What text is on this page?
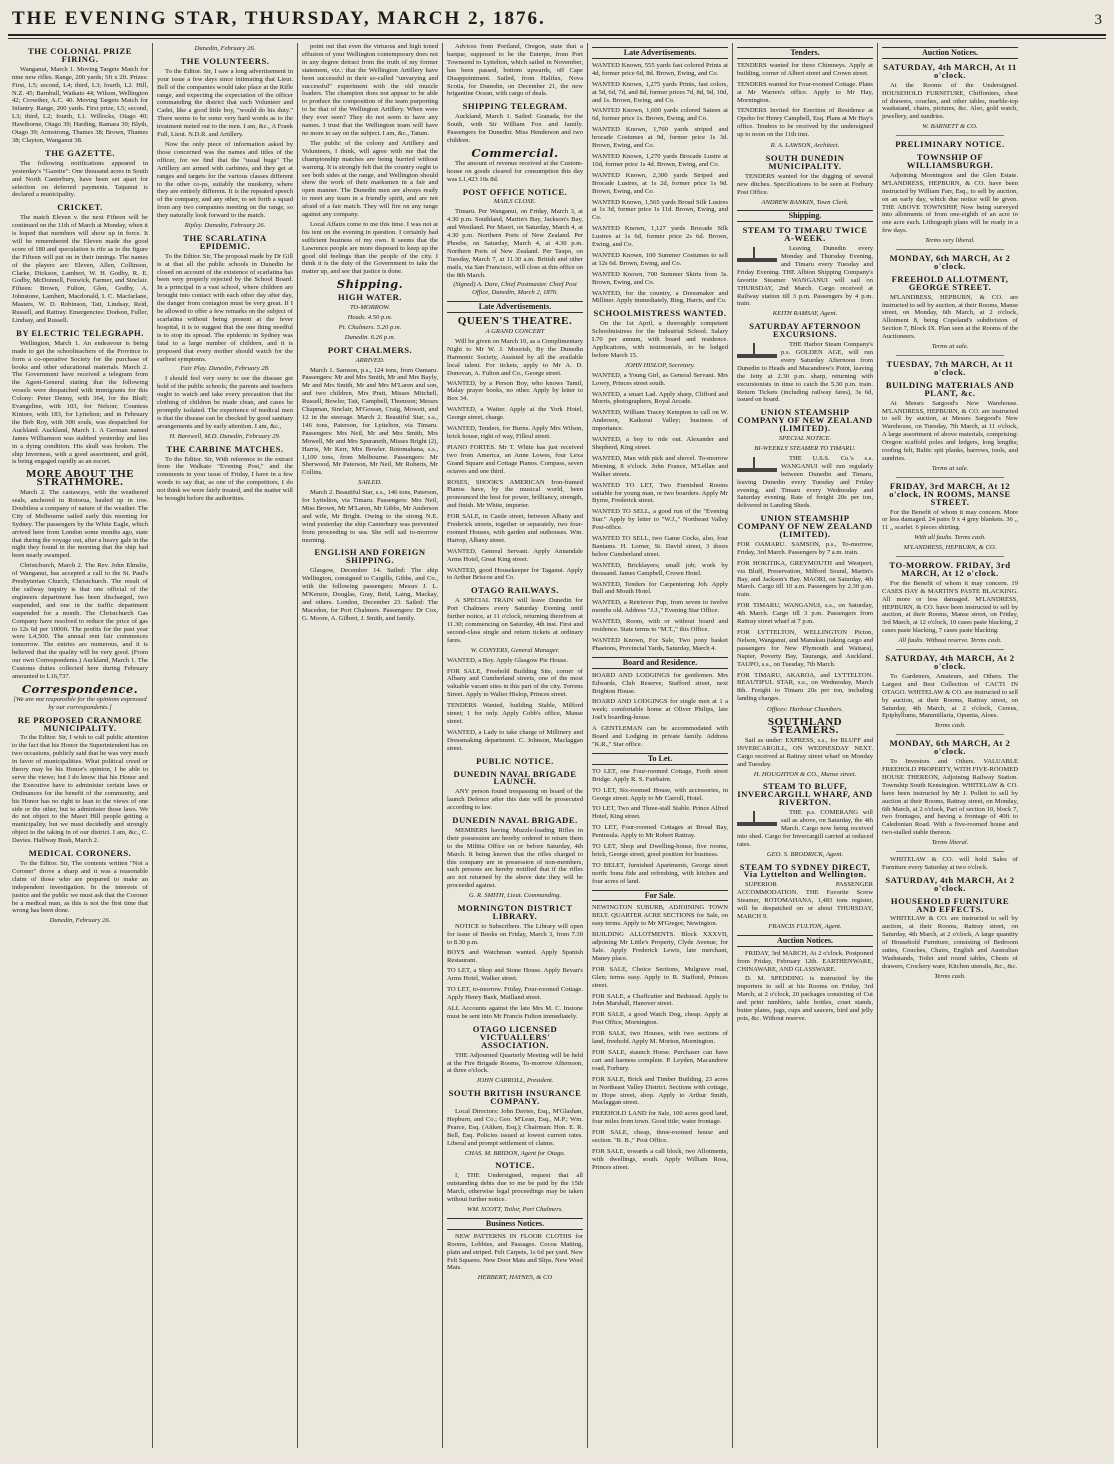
THE EVENING STAR, THURSDAY, MARCH 2, 1876.	3
THE COLONIAL PRIZE FIRING.

Wanganui, March 1. Moving Targets Match for nine new rifles. Range, 200 yards; 5ft x 2ft. Prizes: First, L5; second, L4; third, L3; fourth, L2. Hill, N.Z. 45; Barnbull, Waikato 44; Wilson, Wellington 42; Crowther, A.C. 40. Moving Targets Match for Infantry. Range, 200 yards. First prize, L5; second, L3; third, L2; fourth, L1. Willocks, Otago 40; Hawthorne, Otago 39; Harding, Ramara 39; Blyth, Otago 39; Armstrong, Thames 38; Brown, Thames 38; Clayton, Wanganui 38.

THE GAZETTE.

The following notifications appeared in yesterday's "Gazette": One thousand acres in South and North Canterbury, have been set apart for selection on deferred payments. Taipanui is declared a municipality.

CRICKET.

The match Eleven v. the next Fifteen will be continued on the 11th of March at Monday, when it is hoped that members will show up in force. It will be remembered the Eleven made the good score of 180 and speculation is rife as to the figure the Fifteen will put on in their innings. The names of the players are: Eleven, Allen, Collinson, Clarke, Dickson, Lambert, W. H. Godby, R. E. Godby, McDonnell, Fenwick, Farmer, and Sinclair. Fifteen: Brown, Fulton, Glen, Godby, A. Johnstone, Lambert, Macdonald, I. C. Macfarlane, Masters, W. D. Robinson, Tait, Lindsay, Reid, Russell, and Rattray. Emergencies: Dodson, Fuller, Lindsay, and Russell.

BY ELECTRIC TELEGRAPH.

Wellington, March 1. An endeavour is being made to get the schoolteachers of the Province to form a co-operative Society for the purchase of books and other educational materials. March 2. The Government have received a telegram from the Agent-General stating that the following vessels were despatched with immigrants for this Colony: Peter Denny, with 364, for the Bluff; Evangeline, with 103, for Nelson; Countess Kintore, with 183, for Lyttelton; and in February the Bob Roy, with 300 souls, was despatched for Auckland. Auckland, March 1. A German named James Williamson was stabbed yesterday and lies in a dying condition. His skull was broken. The ship Inverness, with a good assortment, and gold, is being engaged rapidly as an escort.

MORE ABOUT THE STRATHMORE.

March 2. The castaways, with the weathered seals, anchored in Rotorua, hauled up in tow. Doubtless a company of nature of the weather. The City of Melbourne sailed early this morning for Sydney. The passengers by the White Eagle, which arrived here from London some months ago, state that during the voyage out, after a heavy gale in the night they found in the morning that the ship had been nearly swamped.

Christchurch, March 2. The Rev. John Elmslie, of Wanganui, has accepted a call to the St. Paul's Presbyterian Church, Christchurch. The result of the railway inquiry is that one official of the engineers department has been discharged, two suspended, and one in the traffic department suspended for a month. The Christchurch Gas Company have resolved to reduce the price of gas to 12s 6d per 1000ft. The profits for the past year were L4,500. The annual rent fair commences tomorrow. The entries are numerous, and it is believed that the quality will be very good. (From our own Correspondents.) Auckland, March 1. The Customs duties collected here during February amounted to L16,737.

Correspondence.

[We are not responsible for the opinions expressed by our correspondents.]

RE PROPOSED CRANMORE MUNICIPALITY.

To the Editor. Sir, I wish to call public attention to the fact that his Honor the Superintendent has on two occasions, publicly said that he was very much in favor of municipalities. What political creed or theory may be his Honor's opinion, I be able to serve the views; but I do know that his Honor and the Executive have to administer certain laws or Ordinances for the benefit of the community, and his Honor has no right to lean to the views of one side or the other, but to administer those laws. We do not object to the Maori Hill people getting a municipality, but we must decidedly and strongly object to the taking in of our district. I am, &c., C. Davies. Halfway Bush, March 2.

MEDICAL CORONERS.

To the Editor. Sir, The contents written "Not a Coroner" drove a sharp and it was a reasonable claim of those who are prepared to make an independent investigation. In the interests of justice and the public we must ask that the Coroner be a medical man, as this is not the first time that wrong has been done.

Dunedin, February 26.

Dunedin, February 26.

THE VOLUNTEERS.

To the Editor. Sir, I saw a long advertisement in your issue a few days since intimating that Lieut. Bell of the companies would take place at the Rifle range, and expecting the expectation of the officer commanding the district that each Volunteer and Cadet, like a good little boy, "would do his duty." There seems to be some very hard words as to the treatment meted out to the men. I am, &c., A Frank Full, Lieut. N.D.R. and Artillery.

Now the only piece of information asked by those concerned was the names and titles of the officer, for we find that the "usual bugs" The Artillery are armed with carbines, and they get at ranges and targets for the various classes different to the other co-ps, suitably the musketry, where they are entirely different. It is the repeated speech of the company, and any other, to set forth a squad from any two companies meeting on the range, so they naturally look forward to the match.

Ripley. Dunedin, February 26.

THE SCARLATINA EPIDEMIC.

To the Editor. Sir, The proposal made by Dr Gill is at that all the public schools in Dunedin be closed on account of the existence of scarlatina has been very properly rejected by the School Board. In a principal in a vast school, where children are brought into contact with each other day after day, the danger from contagion must be very great. If I be allowed to offer a few remarks on the subject of scarlatina without being present at the fever hospital, it is to suggest that the one thing needful is to stop its spread. The epidemic in Sydney was fatal to a large number of children, and it is proposed that every mother should watch for the earliest symptoms.

Fair Play. Dunedin, February 28.

I should feel very sorry to see the disease get hold of the public schools; the parents and teachers ought to watch and take every precaution that the clothing of children be made clean, and cases be promptly isolated. The experience of medical men is that the disease can be checked by good sanitary arrangements and by early attention. I am, &c.,

H. Barewell, M.D. Dunedin, February 29.

THE CARBINE MATCHES.

To the Editor. Sir, With reference to the extract from the Walkato "Evening Post," and the comments in your issue of Friday, I have in a few words to say that, as one of the competitors, I do not think we were fairly treated, and the matter will be brought before the authorities.

point out that even the virtuous and high toned effusion of your Wellington contemporary does not in any degree detract from the truth of my former statement, viz.: that the Wellington Artillery have been successful in their so-called "unvarying and successful" experiment with the old muzzle loaders. The champion does not appear to be able to produce the composition of the team purporting to be that of the Wellington Artillery. When were they ever seen? They do not seem to have any names. I trust that the Wellington team will have no more to say on the subject. I am, &c., Tatum.

The public of the colony and Artillery and Volunteers, I think, will agree with me that the championship matches are being hurried without warning. It is strongly felt that the country ought to see both sides at the range, and Wellington should show the work of their marksmen in a fair and open manner. The Dunedin men are always ready to meet any team in a friendly spirit, and are not afraid of a fair match. They will fire on any range against any company.

Local Affairs come to me this time. I was not at his tent on the evening in question. I certainly had sufficient business of my own. It seems that the Lawrence people are more disposed to keep up the good old feelings than the people of the city. I think it is the duty of the Government to take the matter up, and see that justice is done.

Shipping.
HIGH WATER.

TO-MORROW.

Heads. 4.50 p.m.

Pt. Chalmers. 5.20 p.m.

Dunedin. 6.26 p.m.

PORT CHALMERS.

ARRIVED.

March 1. Samson, p.s., 124 tons, from Oamaru. Passengers: Mr and Mrs Smith, Mr and Mrs Bayly, Mr and Mrs Smith, Mr and Mrs M'Laren and son, and two children, Mrs Pratt, Misses Mitchell, Russell, Bowler, Tait, Campbell, Thomson; Messrs Chapman, Sinclair, M'Gowan, Craig, Mowett, and 12 in the steerage. March 2. Beautiful Star, s.s., 146 tons, Paterson, for Lyttelton, via Timaru. Passengers: Mrs Neil, Mr and Mrs Smith, Mrs Mowell, Mr and Mrs Spuraneth, Misses Bright (2), Harris, Mr Kerr, Mrs Bowler. Rotomahana, s.s., 1,100 tons, from Melbourne. Passengers: Mr Sherwood, Mr Paterson, Mr Neil, Mr Roberts, Mr Collins.

SAILED.

March 2. Beautiful Star, s.s., 146 tons, Paterson, for Lyttelton, via Timaru. Passengers: Mrs Neil, Miss Brown, Mr M'Laren, Mr Gibbs, Mr Anderson and wife, Mr Bright. Owing to the strong N.E. wind yesterday the ship Canterbury was prevented from proceeding to sea. She will sail to-morrow morning.

ENGLISH AND FOREIGN SHIPPING.

Glasgow, December 14. Sailed: The ship Wellington, consigned to Cargills, Gibbs, and Co., with the following passengers: Messrs J. L. M'Kenzie, Douglas, Gray, Reid, Laing, Mackay, and others. London, December 23. Sailed: The Macedon, for Port Chalmers. Passengers: Dr Cox, G. Moore, A. Gilbert, J. Smith, and family.

Advices from Portland, Oregon, state that a barque, supposed to be the Euterpe, from Port Townsend to Lyttelton, which sailed in November, has been passed, bottom upwards, off Cape Disappointment. Sailed, from Halifax, Nova Scotia, for Dunedin, on December 21, the new brigantine Ocean, with cargo of deals.

SHIPPING TELEGRAM.

Auckland, March 1. Sailed: Granada, for the South, with Sir William Fox and family. Passengers for Dunedin: Miss Henderson and two children.

Commercial.

The amount of revenue received at the Custom-house on goods cleared for consumption this day was L1,423 10s 8d.

POST OFFICE NOTICE.

MAILS CLOSE.

Timaru. Per Wanganui, on Friday, March 3, at 4.30 p.m. Southland, Martin's Bay, Jackson's Bay, and Westland. Per Maori, on Saturday, March 4, at 4.30 p.m. Northern Ports of New Zealand. Per Phoebe, on Saturday, March 4, at 4.30 p.m. Northern Ports of New Zealand. Per Taupo, on Tuesday, March 7, at 11.30 a.m. British and other mails, via San Francisco, will close at this office on the 8th March.

(Signed) A. Dare, Chief Postmaster. Chief Post Office, Dunedin, March 2, 1876.

Late Advertisements.
QUEEN'S THEATRE.

A GRAND CONCERT

Will be given on March 10, as a Complimentary Night to Mr W. J. Moorish, By the Dunedin Harmonic Society, Assisted by all the available local talent. For tickets, apply to Mr A. D. Donovan, A. Fulton and Co., George street.

WANTED, by a Person Boy, who knows Tamil, Malay prayer books, no other. Apply by letter to Box 34.
WANTED, a Waiter. Apply at the York Hotel, George street, charge.
WANTED, Tenders, for Burns. Apply Mrs Wilson, brick house, right of way, Filleul street.
PIANO FORTES. Mr T. White has just received two from America, an Anne Lowes, four Lexa Grand Square and Cottage Pianos. Compass, seven octaves and one third.
ROSES, SHOOK'S AMERICAN Iron-framed Pianos have, by the musical world, been pronounced the best for power, brilliancy, strength, and finish. Mr White, importer.
FOR SALE, in Castle street, between Albany and Frederick streets, together or separately, two four-roomed Houses, with garden and outhouses. Wm. Harrop, Albany street.
WANTED, General Servant. Apply Annandale Arms Hotel, Great King street.
WANTED, good Housekeeper for Taganui. Apply to Arthur Briscoe and Co.
OTAGO RAILWAYS.

A SPECIAL TRAIN will leave Dunedin for Port Chalmers every Saturday Evening until further notice, at 11 o'clock, returning therefrom at 11.30; commencing on Saturday, 4th inst. First and second-class single and return tickets at ordinary fares.

W. CONYERS, General Manager.

WANTED, a Boy. Apply Glasgow Pie House.
FOR SALE, Freehold Building Site, corner of Albany and Cumberland streets, one of the most valuable vacant sites in this part of the city. Torrens Street. Apply to Walter Hislop, Princes street.
TENDERS Wanted, building Stable, Milford street; 1 for only. Apply Cobb's office, Manse street.
WANTED, a Lady to take charge of Millinery and Dressmaking department. C. Johnson, Maclaggan street.
PUBLIC NOTICE.
DUNEDIN NAVAL BRIGADE LAUNCH.

ANY person found trespassing on board of the launch Defence after this date will be prosecuted according to law.

DUNEDIN NAVAL BRIGADE.

MEMBERS having Muzzle-loading Rifles in their possession are hereby ordered to return them to the Militia Office on or before Saturday, 4th March. It being known that the rifles charged to this company are in possession of non-members, such persons are hereby notified that if the rifles are not returned by the above date they will be proceeded against.

G. R. SMITH, Lieut. Commanding.

MORNINGTON DISTRICT LIBRARY.

NOTICE to Subscribers. The Library will open for issue of Books on Friday, March 3, from 7.30 to 8.30 p.m.

BOYS and Watchman wanted. Apply Spanish Restaurant.
TO LET, a Shop and Stone House. Apply Bevan's Arms Hotel, Walker street.
TO LET, to-morrow. Friday, Four-roomed Cottage. Apply Henry Baek, Mailland street.
ALL Accounts against the late Mrs M. C. Instone must be sent into Mr Francis Fulton immediately.
OTAGO LICENSED VICTUALLERS' ASSOCIATION.

THE Adjourned Quarterly Meeting will be held at the Fire Brigade Rooms, To-morrow Afternoon, at three o'clock.

JOHN CARROLL, President.

SOUTH BRITISH INSURANCE COMPANY.

Local Directors: John Davies, Esq., M'Glashan, Hepburn, and Co.; Geo. M'Lean, Esq., M.P.; Wm. Pearce, Esq. (Aitken, Esq.); Chairman: Hon. E. R. Bell, Esq. Policies issued at lowest current rates. Liberal and prompt settlement of claims.

CHAS. M. BRIDON, Agent for Otago.

NOTICE.

I, THE Undersigned, request that all outstanding debts due to me be paid by the 15th March, otherwise legal proceedings may be taken without further notice.

WM. SCOTT, Tailor, Port Chalmers.

Business Notices.

NEW PATTERNS IN FLOOR CLOTHS for Rooms, Lobbies, and Passages. Cocoa Matting, plain and striped. Felt Carpets, 1s 6d per yard. New Felt Squares. New Door Mats and Slips. New Wool Mats.

HERBERT, HAYNES, & CO

Late Advertisements.
WANTED Known, 555 yards fast colored Prints at 4d, former price 6d, 8d. Brown, Ewing, and Co.
WANTED Known, 1,275 yards Prints, fast colors, at 5d, 6d, 7d, and 8d, former prices 7d, 8d, 9d, 10d, and 1s. Brown, Ewing, and Co.
WANTED Known, 1,600 yards colored Sateen at 6d, former price 1s. Brown, Ewing, and Co.
WANTED Known, 1,760 yards striped and brocade Costumes at 9d, former price 1s 3d. Brown, Ewing, and Co.
WANTED Known, 1,270 yards Brocade Lustre at 10d, former price 1s 4d. Brown, Ewing, and Co.
WANTED Known, 2,300 yards Striped and Brocade Lustres, at 1s 2d, former price 1s 9d. Brown, Ewing, and Co.
WANTED Known, 1,565 yards Broad Silk Lustres at 1s 3d, former price 1s 11d. Brown, Ewing, and Co.
WANTED Known, 1,127 yards Brocade Silk Lustres at 1s 6d, former price 2s 6d. Brown, Ewing, and Co.
WANTED Known, 100 Summer Costumes to sell at 12s 6d. Brown, Ewing, and Co.
WANTED Known, 700 Summer Skirts from 3s. Brown, Ewing, and Co.
WANTED, for the country, a Dressmaker and Milliner. Apply immediately, Bing, Harris, and Co.
SCHOOLMISTRESS WANTED.

On the 1st April, a thoroughly competent Schoolmistress for the Industrial School. Salary L70 per annum, with board and residence. Applications, with testimonials, to be lodged before March 15.

JOHN HISLOP, Secretary.

WANTED, a Young Girl, as General Servant. Mrs Lowry, Princes street south.
WANTED, a smart Lad. Apply sharp, Clifford and Morris, photographers, Royal Arcade.
WANTED, William Tracey Kempton to call on W. Anderson, Kaikorai Valley; business of importance.
WANTED, a boy to ride out. Alexander and Shepherd, King street.
WANTED, Man with pick and shovel. To-morrow Morning, 8 o'clock. John France, M'Lellan and Walker streets.
WANTED TO LET, Two Furnished Rooms suitable for young man, or two boarders. Apply Mr Byrne, Frederick street.
WANTED TO SELL, a good run of the "Evening Star." Apply by letter to "W.J.," Northeast Valley Post-office.
WANTED TO SELL, two Game Cocks, also, four Bantams. H. Lorner, St. David street, 3 doors below Cumberland street.
WANTED, Bricklayers; small job; work by thousand. James Campbell, Crown Hotel.
WANTED, Tenders for Carpentering Job. Apply Bull and Mouth Hotel.
WANTED, a Retriever Pup, from seven to twelve months old. Address "J.J.," Evening Star Office.
WANTED, Room, with or without board and residence. State terms to "M.T.," this Office.
WANTED Known, For Sale, Two pony basket Phaetons, Provincial Yards, Saturday, March 4.
Board and Residence.
BOARD AND LODGINGS for gentlemen. Mrs Edwards, Club Reserve, Stafford street, next Brighton House.
BOARD AND LODGINGS for single men at 1 a week; comfortable home at Oliver Philips, late Joel's boarding-house.
A GENTLEMAN can be accommodated with Board and Lodging in private family. Address "K.R.," Star office.
To Let.
TO LET, one Four-roomed Cottage, Forth street Bridge. Apply R. S. Fairbairn.
TO LET, Six-roomed House, with accessories, in George street. Apply to Mr Carroll, Hotel.
TO LET, Two and Three-stall Stable. Prince Alfred Hotel, King street.
TO LET, Four-roomed Cottages at Broad Bay, Peninsula. Apply to Mr Robert Rattray.
TO LET, Shop and Dwelling-house, five rooms, brick, George street, good position for business.
TO BELET, furnished Apartments, George street north: bona fide and refreshing, with kitchen and four acres of land.
For Sale.
NEWINGTON SUBURB, ADJOINING TOWN BELT. QUARTER ACRE SECTIONS for Sale, on easy terms. Apply to Mr M'Gregor, Newington.
BUILDING ALLOTMENTS. Block XXXVII, adjoining Mr Little's Property, Clyde Avenue, for Sale. Apply Frederick Lewis, late merchant, Maney place.
FOR SALE, Choice Sections, Mulgrave road, Glen; terms easy. Apply to R. Stafford, Princes street.
FOR SALE, a Chaffcutter and Bedstead. Apply to John Marshall, Hanover street.
FOR SALE, a good Watch Dog, cheap. Apply at Post Office, Mornington.
FOR SALE, two Houses, with two sections of land, freehold. Apply M. Morton, Mornington.
FOR SALE, staunch Horse. Purchaser can have cart and harness complete. P. Leyden, Macandrew road, Forbury.
FOR SALE, Brick and Timber Building, 23 acres in Northeast Valley District. Sections with cottage, in Hope street, shop. Apply to Arthur Smith, Maclaggan street.
FREEHOLD LAND for Sale, 100 acres good land, four miles from town. Good title; water frontage.
FOR SALE, cheap, three-roomed house and section. "R. B.," Post Office.
FOR SALE, towards a call block, two Allotments, with dwellings, south. Apply William Ross, Princes street.
Tenders.
TENDERS wanted for three Chimneys. Apply at building, corner of Albert street and Crown street.
TENDERS wanted for Four-roomed Cottage. Plans at Mr Warren's office. Apply to Mr Hay, Mornington.
TENDERS Invited for Erection of Residence at Opoho for Henry Campbell, Esq. Plans at Mr Hay's office. Tenders to be received by the undersigned up to noon on the 11th inst.
R. A. LAWSON, Architect.
SOUTH DUNEDIN MUNICIPALITY.

TENDERS wanted for the digging of several new ditches. Specifications to be seen at Forbury Post Office.

ANDREW RANKIN, Town Clerk.

Shipping.
STEAM TO TIMARU TWICE A-WEEK.

Leaving Dunedin every Monday and Thursday Evening, and Timaru every Tuesday and Friday Evening. THE Albion Shipping Company's favorite Steamer WANGANUI will sail on THURSDAY, 2nd March. Cargo received at Railway station till 3 p.m. Passengers by 4 p.m. train.

KEITH RAMSAY, Agent.

SATURDAY AFTERNOON EXCURSIONS.

THE Harbor Steam Company's p.s. GOLDEN AGE, will run every Saturday Afternoon from Dunedin to Heads and Macandrew's Point, leaving the Jetty at 2.30 p.m. sharp, returning with excursionists in time to catch the 5.30 p.m. train. Return Tickets (including railway fares), 3s 6d, issued on board.

UNION STEAMSHIP COMPANY OF NEW ZEALAND (LIMITED).

SPECIAL NOTICE.

BI-WEEKLY STEAMER TO TIMARU.

THE U.S.S. Co.'s s.s. WANGANUI will run regularly between Dunedin and Timaru, leaving Dunedin every Tuesday and Friday evening, and Timaru every Wednesday and Saturday evening. Rate of freight 20s per ton, delivered in Landing Sheds.

UNION STEAMSHIP COMPANY OF NEW ZEALAND (LIMITED).
FOR OAMARU. SAMSON, p.s., To-morrow, Friday, 3rd March. Passengers by 7 a.m. train.
FOR HOKITIKA, GREYMOUTH and Westport, via Bluff, Preservation, Milford Sound, Martin's Bay, and Jackson's Bay. MAORI, on Saturday, 4th March. Cargo till 10 a.m. Passengers by 2.30 p.m. train.
FOR TIMARU, WANGANUI, s.s., on Saturday, 4th March. Cargo till 3 p.m. Passengers from Rattray street wharf at 7 p.m.
FOR LYTTELTON, WELLINGTON Picton, Nelson, Wanganui, and Manukau (taking cargo and passengers for New Plymouth and Waitara), Napier, Poverty Bay, Tauranga, and Auckland. TAUPO, s.s., on Tuesday, 7th March.
FOR TIMARU, AKAROA, and LYTTELTON. BEAUTIFUL STAR, s.s., on Wednesday, March 8th. Freight to Timaru 20s per ton, including landing charges.

Offices: Harbour Chambers.

SOUTHLAND STEAMERS.

Sail as under: EXPRESS, s.s., for BLUFF and INVERCARGILL, ON WEDNESDAY NEXT. Cargo received at Rattray street wharf on Monday and Tuesday.

H. HOUGHTON & CO., Manse street.

STEAM TO BLUFF, INVERCARGILL WHARF, AND RIVERTON.

THE p.s. COMERANG will sail as above, on Saturday, the 4th March. Cargo now being received into shed. Cargo for Invercargill carried at reduced rates.

GEO. S. BRODRICK, Agent.

STEAM TO SYDNEY DIRECT, Via Lyttelton and Wellington.

SUPERIOR PASSENGER ACCOMMODATION. THE Favorite Screw Steamer, ROTOMAHANA, 1,483 tons register, will be despatched on or about THURSDAY, MARCH 9.

FRANCIS FULTON, Agent.

Auction Notices.

FRIDAY, 3rd MARCH, At 2 o'clock. Postponed from Friday, February 12th. EARTHENWARE, CHINAWARE, AND GLASSWARE.

D. M. SPEDDING is instructed by the importers to sell at his Rooms on Friday, 3rd March, at 2 o'clock, 20 packages consisting of Cut and print tumblers, table bottles, cruet stands, butter plates, jugs, cups and saucers, bird and jelly pots, &c. Without reserve.

Auction Notices.
SATURDAY, 4th MARCH, At 11 o'clock.

At the Rooms of the Undersigned. HOUSEHOLD FURNITURE, Chiffoniers, chest of drawers, couches, and other tables, marble-top washstand, chairs, pictures, &c. Also, gold watch, jewellery, and sundries.

W. BARNETT & CO.

PRELIMINARY NOTICE.
TOWNSHIP OF WILLIAMSBURGH.

Adjoining Mornington and the Glen Estate. M'LANDRESS, HEPBURN, & CO. have been instructed by William Farr, Esq., to sell by auction, on an early day, which due notice will be given. THE ABOVE TOWNSHIP, Now being surveyed into allotments of from one-eighth of an acre to one acre each. Lithograph plans will be ready in a few days.

Terms very liberal.

MONDAY, 6th MARCH, At 2 o'clock.
FREEHOLD ALLOTMENT, GEORGE STREET.

M'LANDRESS, HEPBURN, & CO. are instructed to sell by auction, at their Rooms, Manse street, on Monday, 6th March, at 2 o'clock, Allotment 8, being Copeland's subdivision of Section 7, Block IX. Plan seen at the Rooms of the Auctioneers.

Terms at sale.

TUESDAY, 7th MARCH, At 11 o'clock.
BUILDING MATERIALS AND PLANT, &c.

At Messrs Sargood's New Warehouse. M'LANDRESS, HEPBURN, & CO. are instructed to sell by auction, at Messrs Sargood's New Warehouse, on Tuesday, 7th March, at 11 o'clock, A large assortment of above materials, comprising: Oregon scaffold poles and ledgers, long lengths; roofing felt, Baltic spit planks, barrows, tools, and sundries.

Terms at sale.

FRIDAY, 3rd MARCH, At 12 o'clock, IN ROOMS, MANSE STREET.

For the Benefit of whom it may concern. More or less damaged. 24 pairs 9 x 4 grey blankets. 36 ,, 11 ,, scarlet. 6 pieces shirting.

With all faults. Terms cash.

M'LANDRESS, HEPBURN, & CO.

TO-MORROW. FRIDAY, 3rd MARCH, At 12 o'clock.

For the Benefit of whom it may concern. 19 CASES DAY & MARTIN'S PASTE BLACKING. All more or less damaged. M'LANDRESS, HEPBURN, & CO. have been instructed to sell by auction, at their Rooms, Manse street, on Friday, 3rd March, at 12 o'clock, 10 cases paste blacking, 2 cases paste blacking, 7 cases paste blacking.

All faults. Without reserve. Terms cash.

SATURDAY, 4th MARCH, At 2 o'clock.

To Gardeners, Amateurs, and Others. The Largest and Best Collection of CACTI IN OTAGO. WHITELAW & CO. are instructed to sell by auction, at their Rooms, Rattray street, on Saturday, 4th March, at 2 o'clock, Cereus, Epiphyllums, Mammillaria, Opuntia, Aloes.

Terms cash.

MONDAY, 6th MARCH, At 2 o'clock.

To Investors and Others. VALUABLE FREEHOLD PROPERTY, WITH FIVE-ROOMED HOUSE THEREON, Adjoining Railway Station. Township South Kensington. WHITELAW & CO. have been instructed by Mr J. Pollett to sell by auction at their Rooms, Rattray street, on Monday, 6th March, at 2 o'clock, Part of section 10, block 7, two frontages, and having a frontage of 40ft to Caledonian Road. With a five-roomed house and two-stalled stable thereon.

Terms liberal.

WHITELAW & CO. will hold Sales of Furniture every Saturday at two o'clock.

SATURDAY, 4th MARCH, At 2 o'clock.
HOUSEHOLD FURNITURE AND EFFECTS.

WHITELAW & CO. are instructed to sell by auction, at their Rooms, Rattray street, on Saturday, 4th March, at 2 o'clock, A large quantity of Household Furniture, consisting of Bedroom suites, Couches, Chairs, English and Australian Washstands, Toilet and round tables, Chests of drawers, Crockery ware, Kitchen utensils, &c., &c.

Terms cash.
